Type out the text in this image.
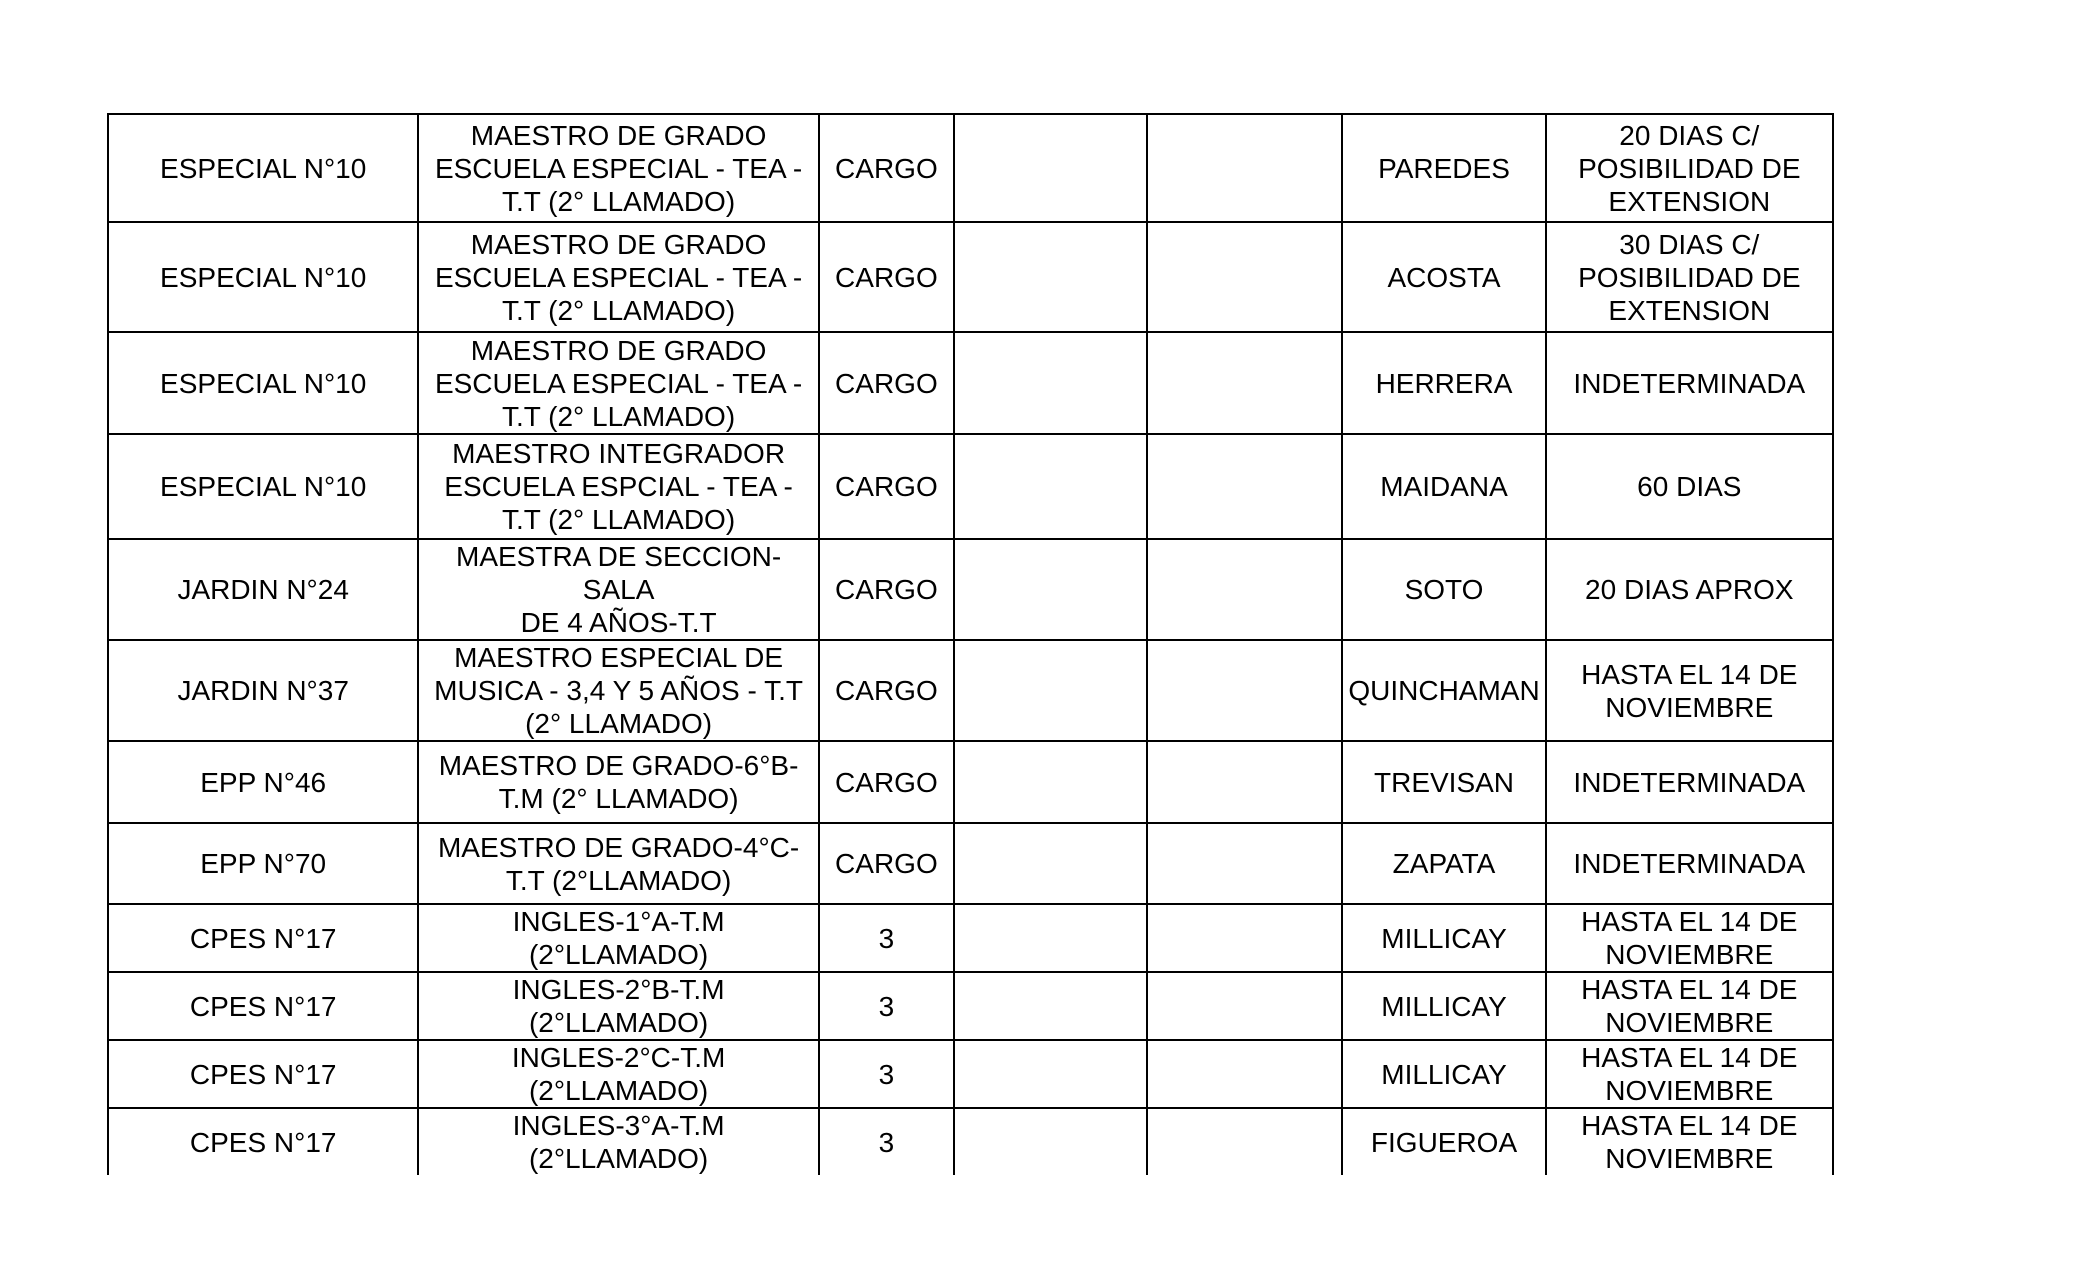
ESPECIAL N°10	MAESTRO DE GRADO
ESCUELA ESPECIAL - TEA -
T.T (2° LLAMADO)	CARGO			PAREDES	20 DIAS C/
POSIBILIDAD DE
EXTENSION

ESPECIAL N°10	MAESTRO DE GRADO
ESCUELA ESPECIAL - TEA -
T.T (2° LLAMADO)	CARGO			ACOSTA	30 DIAS C/
POSIBILIDAD DE
EXTENSION

ESPECIAL N°10	MAESTRO DE GRADO
ESCUELA ESPECIAL - TEA -
T.T (2° LLAMADO)	CARGO			HERRERA	INDETERMINADA

ESPECIAL N°10	MAESTRO INTEGRADOR
ESCUELA ESPCIAL - TEA -
T.T (2° LLAMADO)	CARGO			MAIDANA	60 DIAS

JARDIN N°24	MAESTRA DE SECCION-SALA
DE 4 AÑOS-T.T	CARGO			SOTO	20 DIAS APROX

JARDIN N°37	MAESTRO ESPECIAL DE
MUSICA - 3,4 Y 5 AÑOS - T.T
(2° LLAMADO)	CARGO			QUINCHAMAN	HASTA EL 14 DE
NOVIEMBRE

EPP N°46	MAESTRO DE GRADO-6°B-
T.M (2° LLAMADO)	CARGO			TREVISAN	INDETERMINADA

EPP N°70	MAESTRO DE GRADO-4°C-
T.T (2°LLAMADO)	CARGO			ZAPATA	INDETERMINADA

CPES N°17	INGLES-1°A-T.M (2°LLAMADO)	3			MILLICAY	HASTA EL 14 DE
NOVIEMBRE

CPES N°17	INGLES-2°B-T.M (2°LLAMADO)	3			MILLICAY	HASTA EL 14 DE
NOVIEMBRE

CPES N°17	INGLES-2°C-T.M
(2°LLAMADO)	3			MILLICAY	HASTA EL 14 DE
NOVIEMBRE

CPES N°17	INGLES-3°A-T.M (2°LLAMADO)	3			FIGUEROA	HASTA EL 14 DE
NOVIEMBRE
